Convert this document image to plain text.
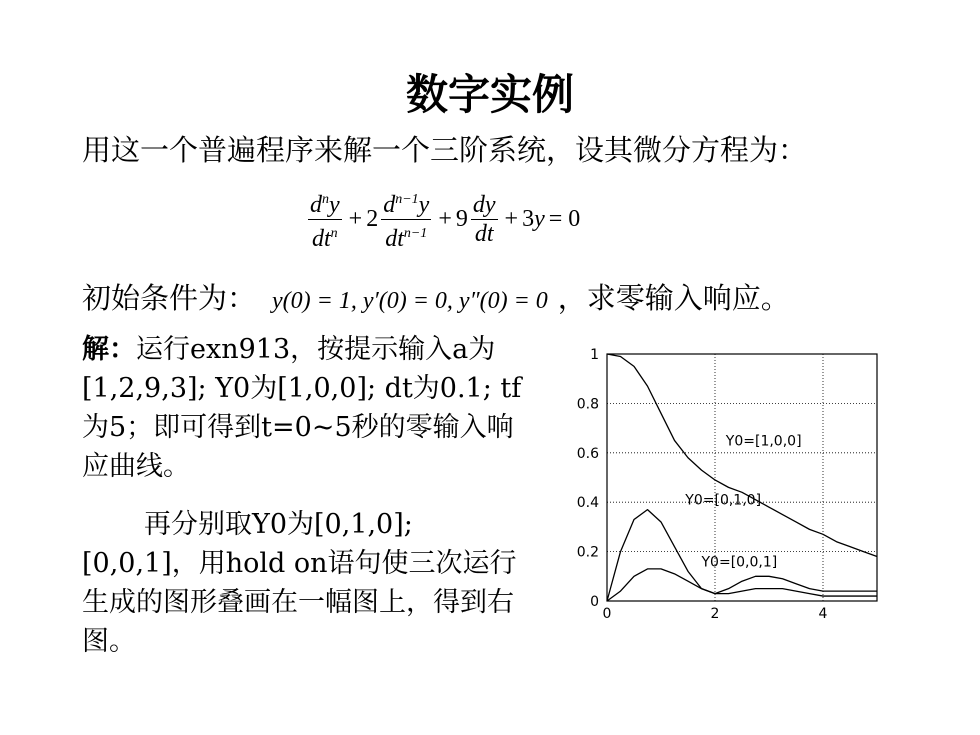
数字实例
用这一个普遍程序来解一个三阶系统，设其微分方程为：
$\frac{d^ny}{dt^n} + 2 \frac{d^{n-1}y}{dt^{n-1}} + 9 \frac{dy}{dt} + 3$ y = 0
初始条件为： y(0) = 1, y′(0) = 0, y″(0) = 0 ，求零输入响应。
解：运行exn913，按提示输入a为[1,2,9,3]; Y0为[1,0,0]; dt为0.1; tf为5；即可得到t=0~5秒的零输入响应曲线。
再分别取Y0为[0,1,0]; [0,0,1]，用hold on语句使三次运行生成的图形叠画在一幅图上，得到右图。
0
0.2
0.4
0.6
0.8
1
0	2	4
Y0=[1,0,0]
Y0=[0,1,0]
Y0=[0,0,1]
